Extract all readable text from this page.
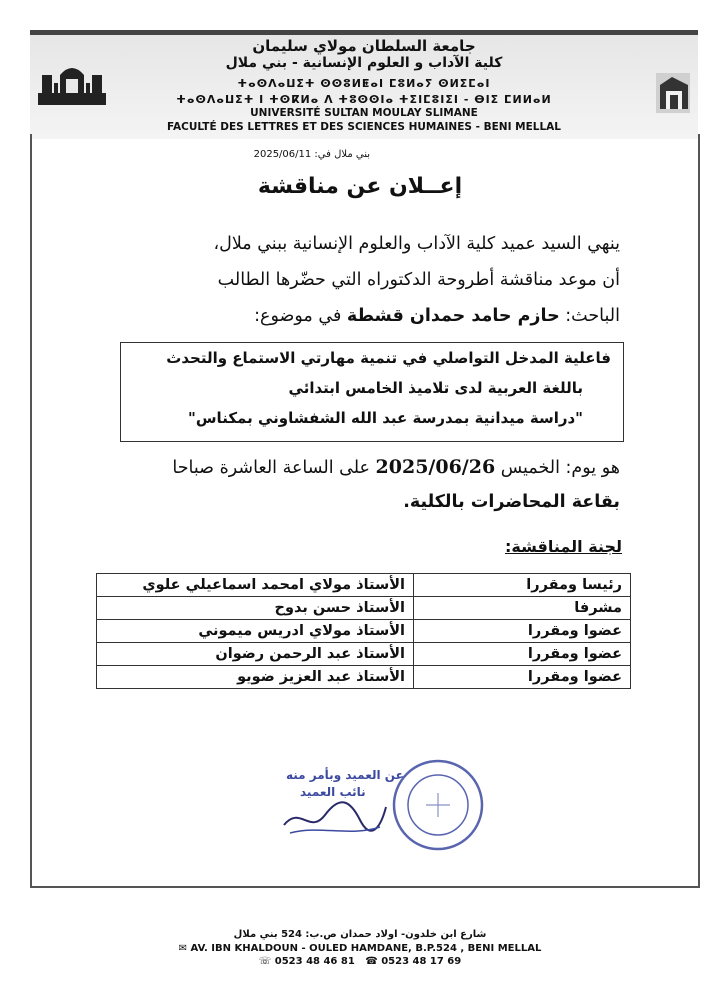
جامعة السلطان مولاي سليمان
كلية الآداب و العلوم الإنسانية - بني ملال
ⵜⴰⵙⴷⴰⵡⵉⵜ ⵙⵙⵓⵍⵟⴰⵏ ⵎⵓⵍⴰⵢ ⵙⵍⵉⵎⴰⵏ
ⵜⴰⵙⴷⴰⵡⵉⵜ ⵏ ⵜⵙⴽⵍⴰ ⴷ ⵜⵓⵙⵙⵏⴰ ⵜⵉⵏⵎⵓⵏⵉⵏ - ⴱⵏⵉ ⵎⵍⵍⴰⵍ
UNIVERSITÉ SULTAN MOULAY SLIMANE
FACULTÉ DES LETTRES ET DES SCIENCES HUMAINES - BENI MELLAL
بني ملال في: 2025/06/11
إعــلان عن مناقشة
ينهي السيد عميد كلية الآداب والعلوم الإنسانية ببني ملال،
أن موعد مناقشة أطروحة الدكتوراه التي حضّرها الطالب
الباحث: حازم حامد حمدان قشطة في موضوع:
فاعلية المدخل التواصلي في تنمية مهارتي الاستماع والتحدث
باللغة العربية لدى تلاميذ الخامس ابتدائي
"دراسة ميدانية بمدرسة عبد الله الشفشاوني بمكناس"
هو يوم: الخميس 2025/06/26 على الساعة العاشرة صباحا
بقاعة المحاضرات بالكلية.
لجنة المناقشة:
الأستاذ مولاي امحمد اسماعيلي علوي	رئيسا ومقررا
الأستاذ حسن بدوح	مشرفا
الأستاذ مولاي ادريس ميموني	عضوا ومقررا
الأستاذ عبد الرحمن رضوان	عضوا ومقررا
الأستاذ عبد العزيز ضويو	عضوا ومقررا
عن العميد وبأمر منه
نائب العميد
شارع ابن خلدون- اولاد حمدان ص.ب: 524 بني ملال
✉ AV. IBN KHALDOUN - OULED HAMDANE, B.P.524 , BENI MELLAL
☏ 0523 48 46 81 ☎ 0523 48 17 69
